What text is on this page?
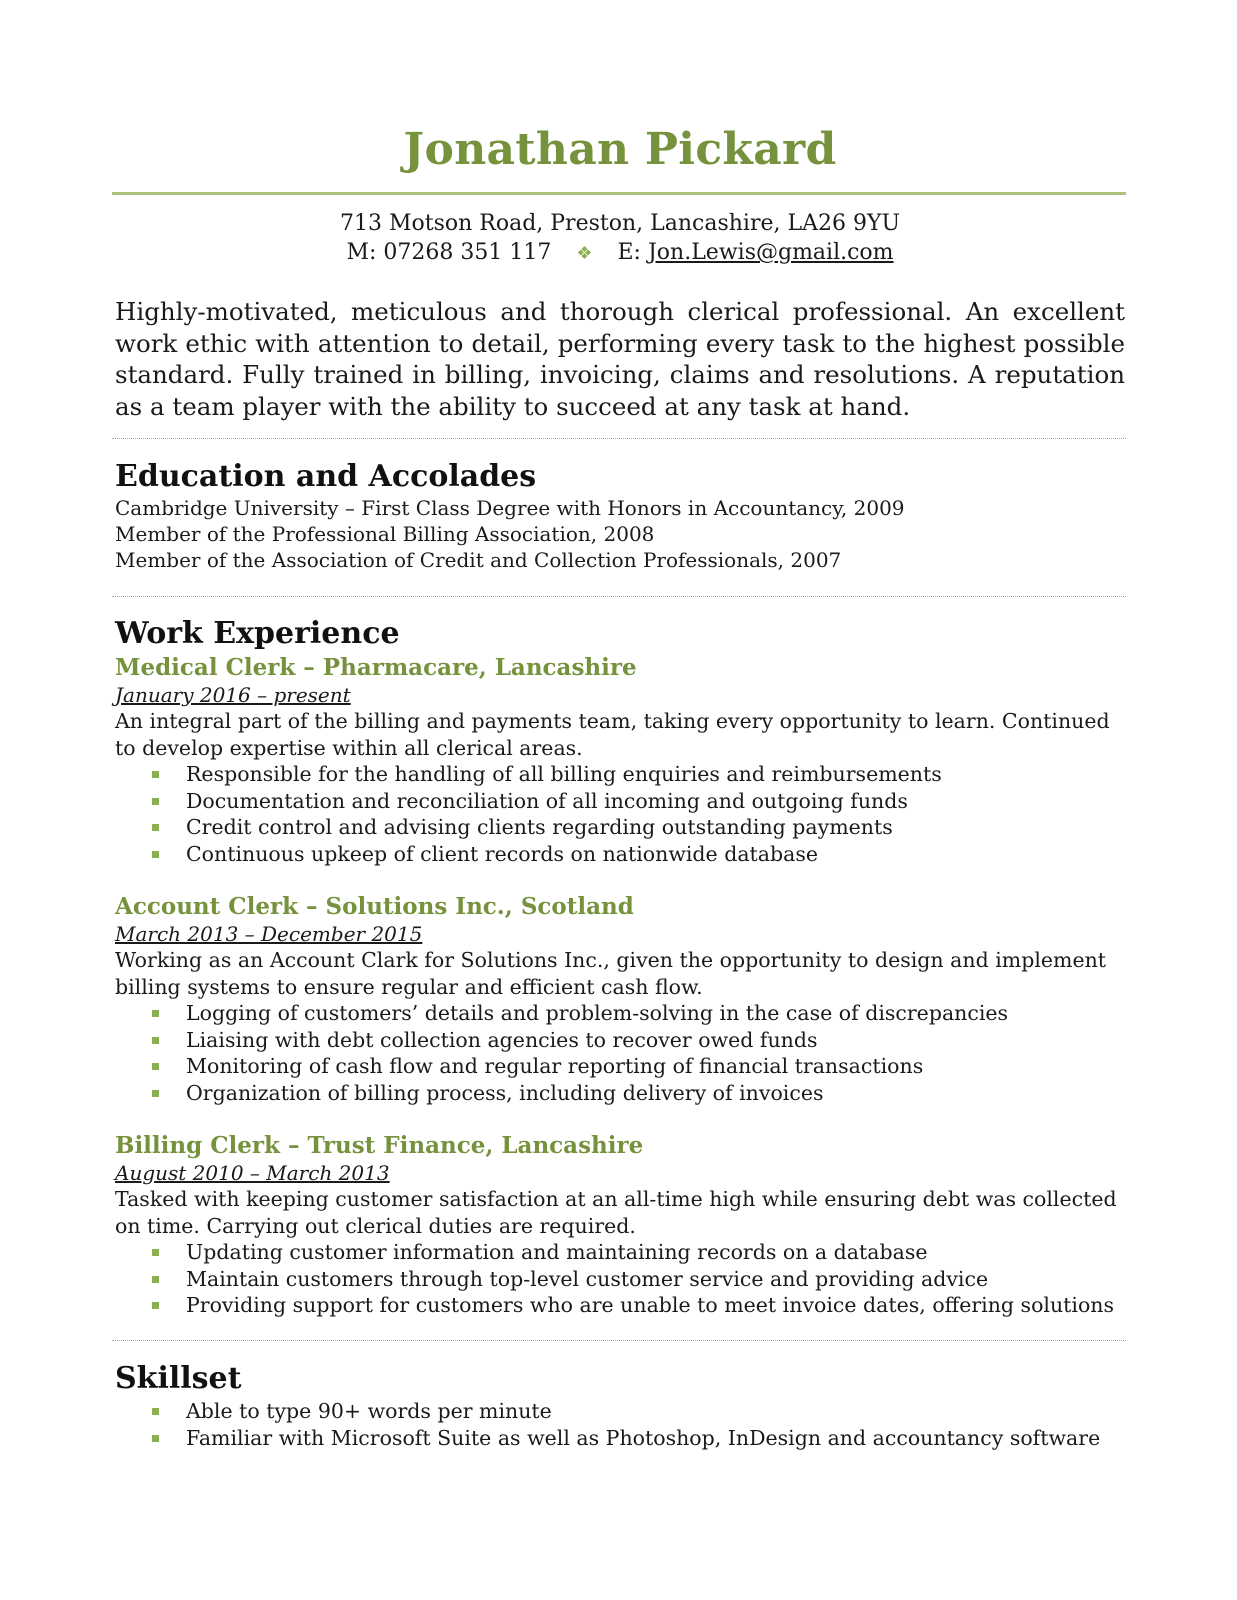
Jonathan Pickard
713 Motson Road, Preston, Lancashire, LA26 9YU
M: 07268 351 117 ❖ E: Jon.Lewis@gmail.com
Highly-motivated, meticulous and thorough clerical professional. An excellent work ethic with attention to detail, performing every task to the highest possible standard. Fully trained in billing, invoicing, claims and resolutions. A reputation as a team player with the ability to succeed at any task at hand.
Education and Accolades
Cambridge University – First Class Degree with Honors in Accountancy, 2009
Member of the Professional Billing Association, 2008
Member of the Association of Credit and Collection Professionals, 2007
Work Experience
Medical Clerk – Pharmacare, Lancashire
January 2016 – present
An integral part of the billing and payments team, taking every opportunity to learn. Continued to develop expertise within all clerical areas.
Responsible for the handling of all billing enquiries and reimbursements
Documentation and reconciliation of all incoming and outgoing funds
Credit control and advising clients regarding outstanding payments
Continuous upkeep of client records on nationwide database
Account Clerk – Solutions Inc., Scotland
March 2013 – December 2015
Working as an Account Clark for Solutions Inc., given the opportunity to design and implement billing systems to ensure regular and efficient cash flow.
Logging of customers’ details and problem-solving in the case of discrepancies
Liaising with debt collection agencies to recover owed funds
Monitoring of cash flow and regular reporting of financial transactions
Organization of billing process, including delivery of invoices
Billing Clerk – Trust Finance, Lancashire
August 2010 – March 2013
Tasked with keeping customer satisfaction at an all-time high while ensuring debt was collected on time. Carrying out clerical duties are required.
Updating customer information and maintaining records on a database
Maintain customers through top-level customer service and providing advice
Providing support for customers who are unable to meet invoice dates, offering solutions
Skillset
Able to type 90+ words per minute
Familiar with Microsoft Suite as well as Photoshop, InDesign and accountancy software
